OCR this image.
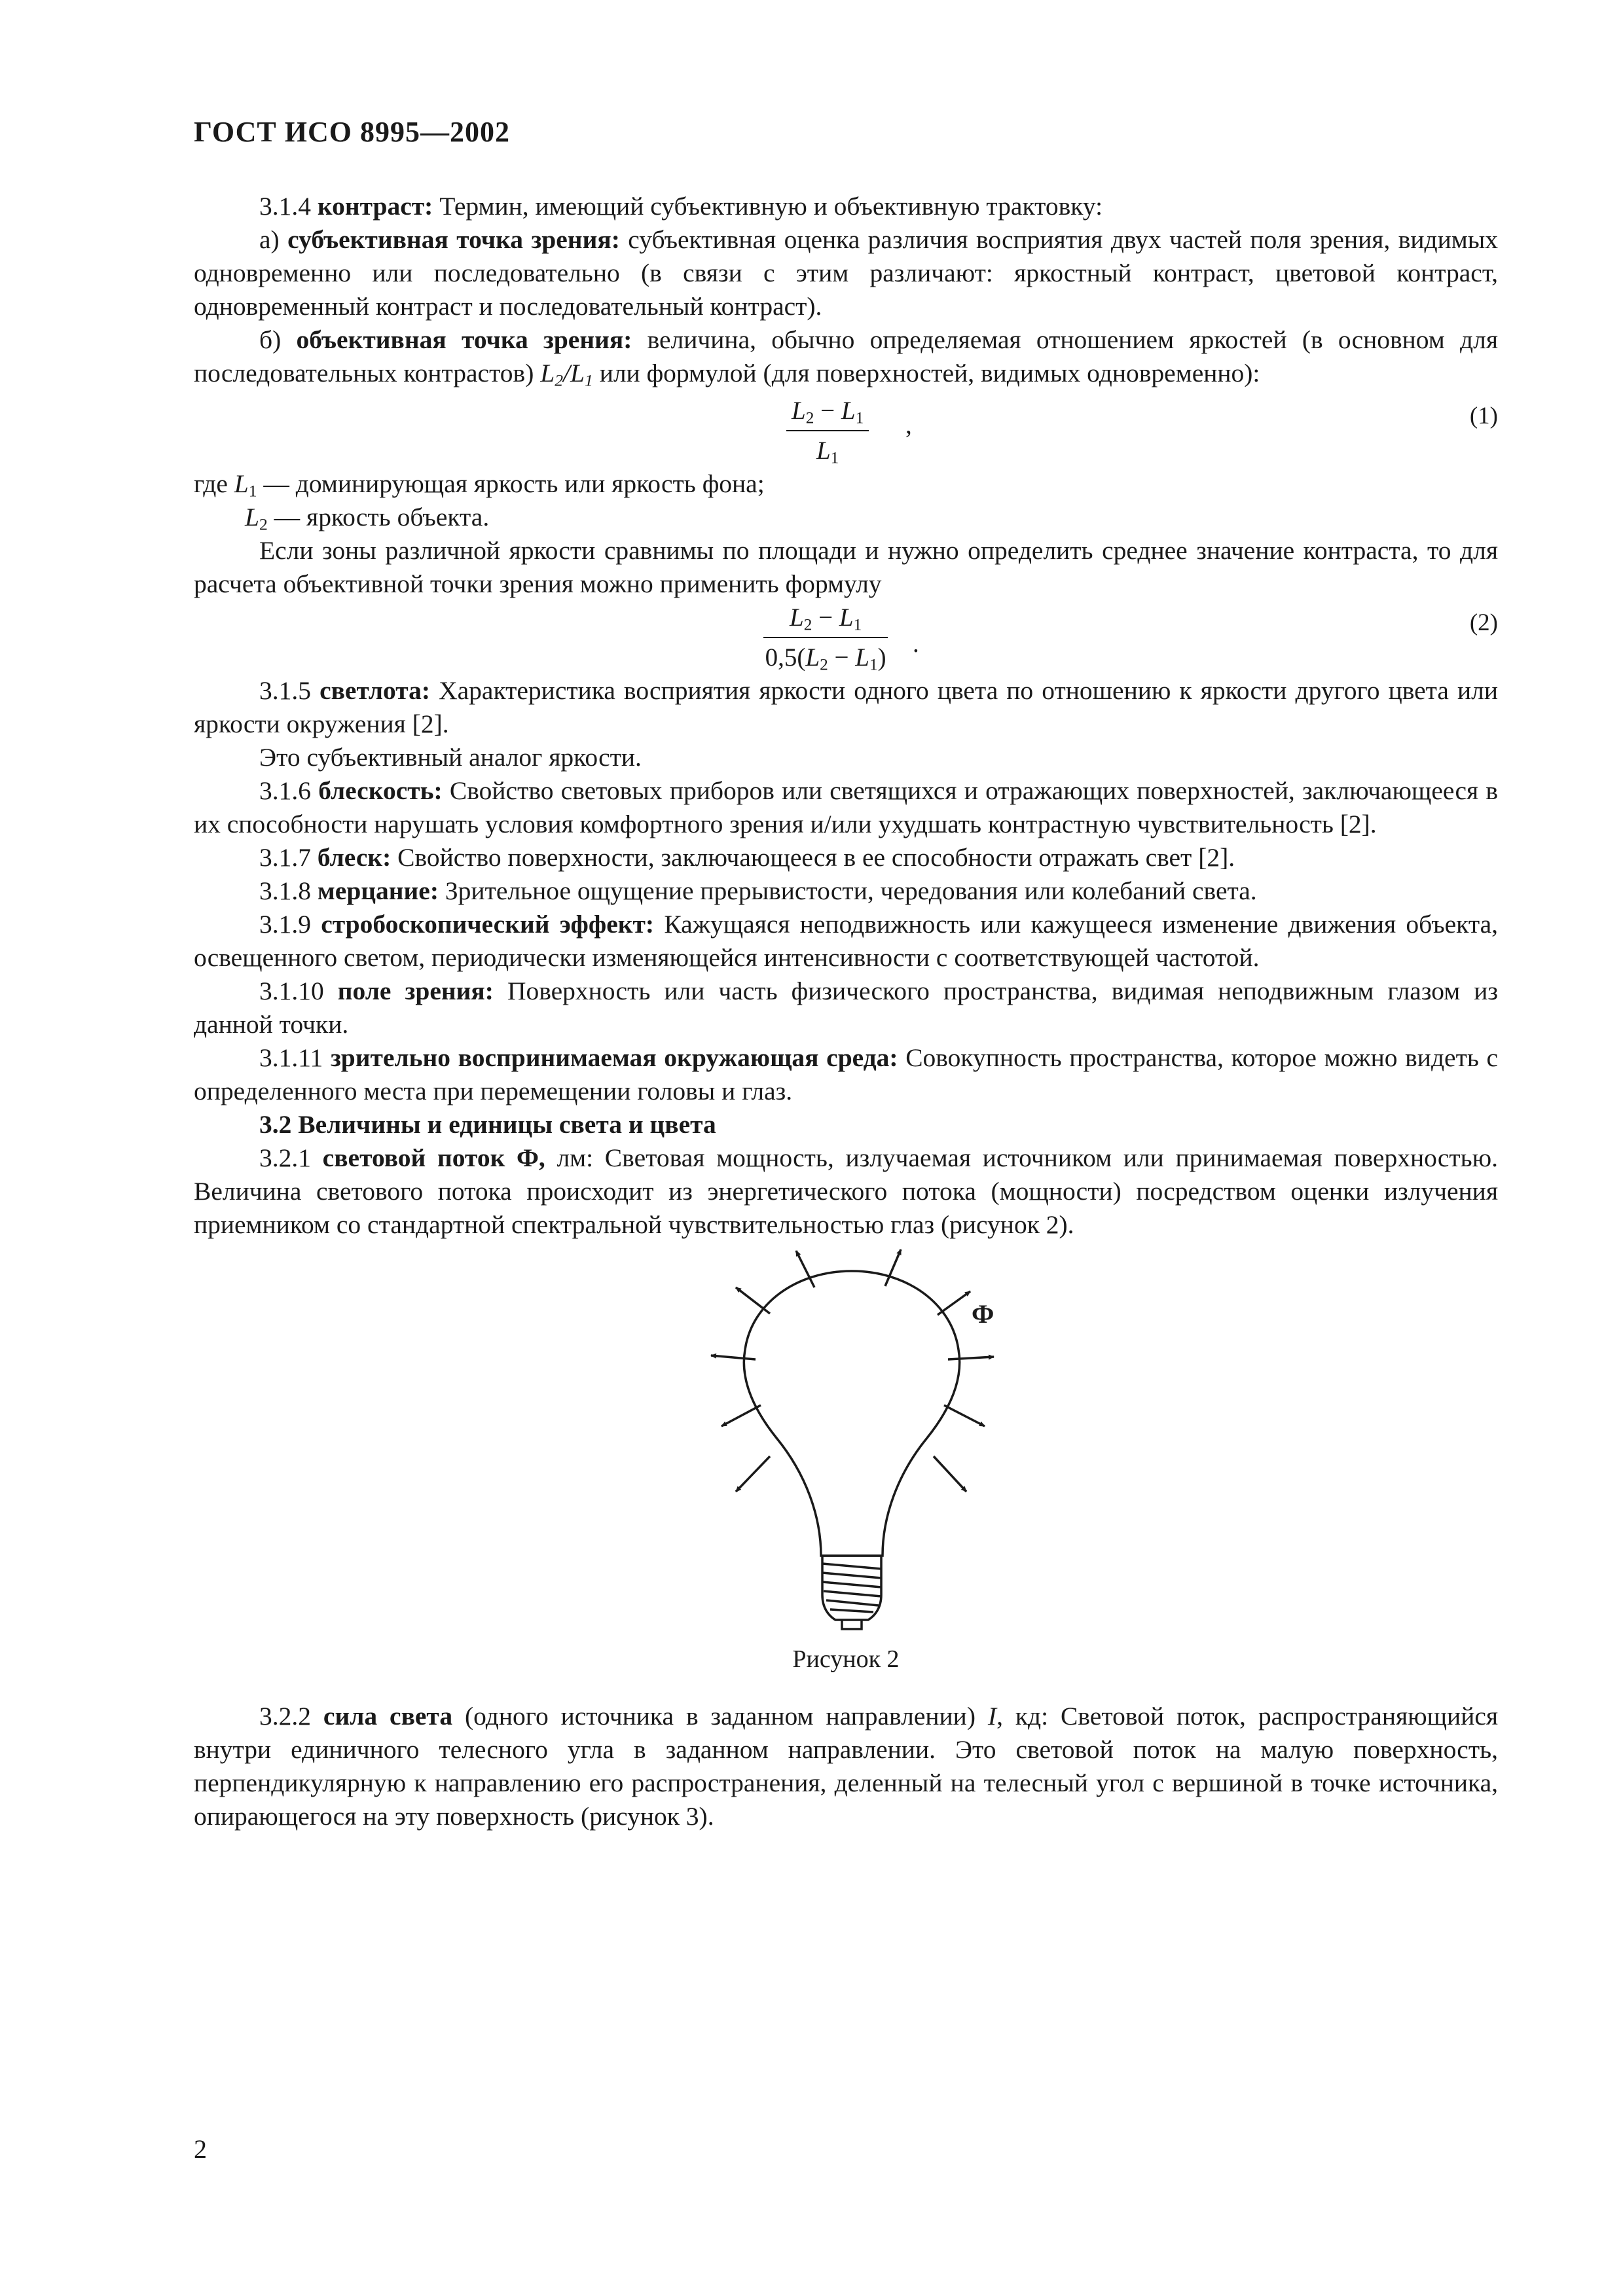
ГОСТ ИСО 8995—2002

3.1.4 контраст: Термин, имеющий субъективную и объективную трактовку:

а) субъективная точка зрения: субъективная оценка различия восприятия двух частей поля зрения, видимых одновременно или последовательно (в связи с этим различают: яркостный контраст, цветовой контраст, одновременный контраст и последовательный контраст).

б) объективная точка зрения: величина, обычно определяемая отношением яркостей (в основном для последовательных контрастов) $L_2/L_1$ или формулой (для поверхностей, видимых одновременно):

$\frac{L_2 - L_1}{L_1}$ ,	(1)

где $L_1$ — доминирующая яркость или яркость фона;

$L_2$ — яркость объекта.

Если зоны различной яркости сравнимы по площади и нужно определить среднее значение контраста, то для расчета объективной точки зрения можно применить формулу

$\frac{L_2 - L_1}{0,5(L_2 - L_1)}$ .
(2)

3.1.5 светлота: Характеристика восприятия яркости одного цвета по отношению к яркости другого цвета или яркости окружения [2].

Это субъективный аналог яркости.

3.1.6 блескость: Свойство световых приборов или светящихся и отражающих поверхностей, заключающееся в их способности нарушать условия комфортного зрения и/или ухудшать контрастную чувствительность [2].

3.1.7 блеск: Свойство поверхности, заключающееся в ее способности отражать свет [2].

3.1.8 мерцание: Зрительное ощущение прерывистости, чередования или колебаний света.

3.1.9 стробоскопический эффект: Кажущаяся неподвижность или кажущееся изменение движения объекта, освещенного светом, периодически изменяющейся интенсивности с соответствующей частотой.

3.1.10 поле зрения: Поверхность или часть физического пространства, видимая неподвижным глазом из данной точки.

3.1.11 зрительно воспринимаемая окружающая среда: Совокупность пространства, которое можно видеть с определенного места при перемещении головы и глаз.

3.2 Величины и единицы света и цвета

3.2.1 световой поток Ф, лм: Световая мощность, излучаемая источником или принимаемая поверхностью. Величина светового потока происходит из энергетического потока (мощности) посредством оценки излучения приемником со стандартной спектральной чувствительностью глаз (рисунок 2).

Ф
Рисунок 2

3.2.2 сила света (одного источника в заданном направлении) I, кд: Световой поток, распространяющийся внутри единичного телесного угла в заданном направлении. Это световой поток на малую поверхность, перпендикулярную к направлению его распространения, деленный на телесный угол с вершиной в точке источника, опирающегося на эту поверхность (рисунок 3).

2
